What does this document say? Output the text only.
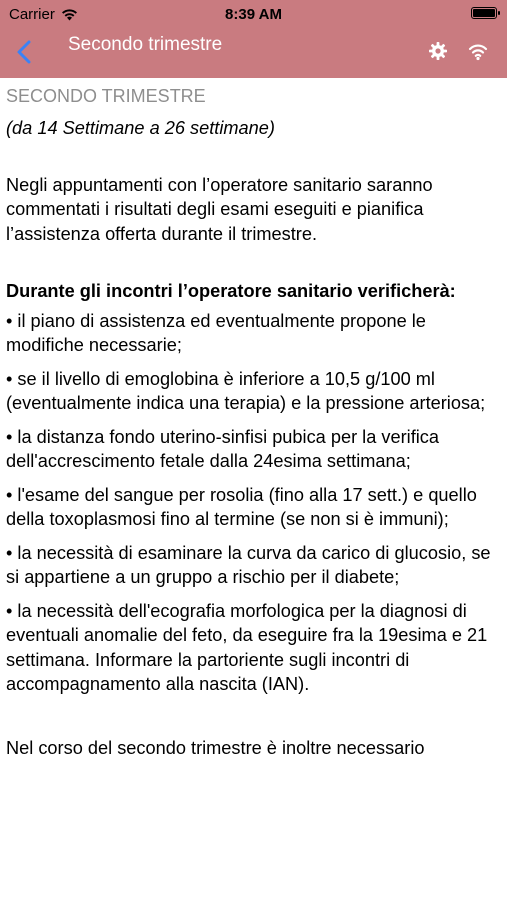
Carrier	8:39 AM
Secondo trimestre

SECONDO TRIMESTRE

(da 14 Settimane a 26 settimane)

Negli appuntamenti con l’operatore sanitario saranno commentati i risultati degli esami eseguiti e pianifica l’assistenza offerta durante il trimestre.

Durante gli incontri l’operatore sanitario verificherà:

• il piano di assistenza ed eventualmente propone le modifiche necessarie;
• se il livello di emoglobina è inferiore a 10,5 g/100 ml (eventualmente indica una terapia) e la pressione arteriosa;
• la distanza fondo uterino-sinfisi pubica per la verifica dell'accrescimento fetale dalla 24esima settimana;
• l'esame del sangue per rosolia (fino alla 17 sett.) e quello della toxoplasmosi fino al termine (se non si è immuni);
• la necessità di esaminare la curva da carico di glucosio, se si appartiene a un gruppo a rischio per il diabete;
• la necessità dell'ecografia morfologica per la diagnosi di eventuali anomalie del feto, da eseguire fra la 19esima e 21 settimana. Informare la partoriente sugli incontri di accompagnamento alla nascita (IAN).

Nel corso del secondo trimestre è inoltre necessario
